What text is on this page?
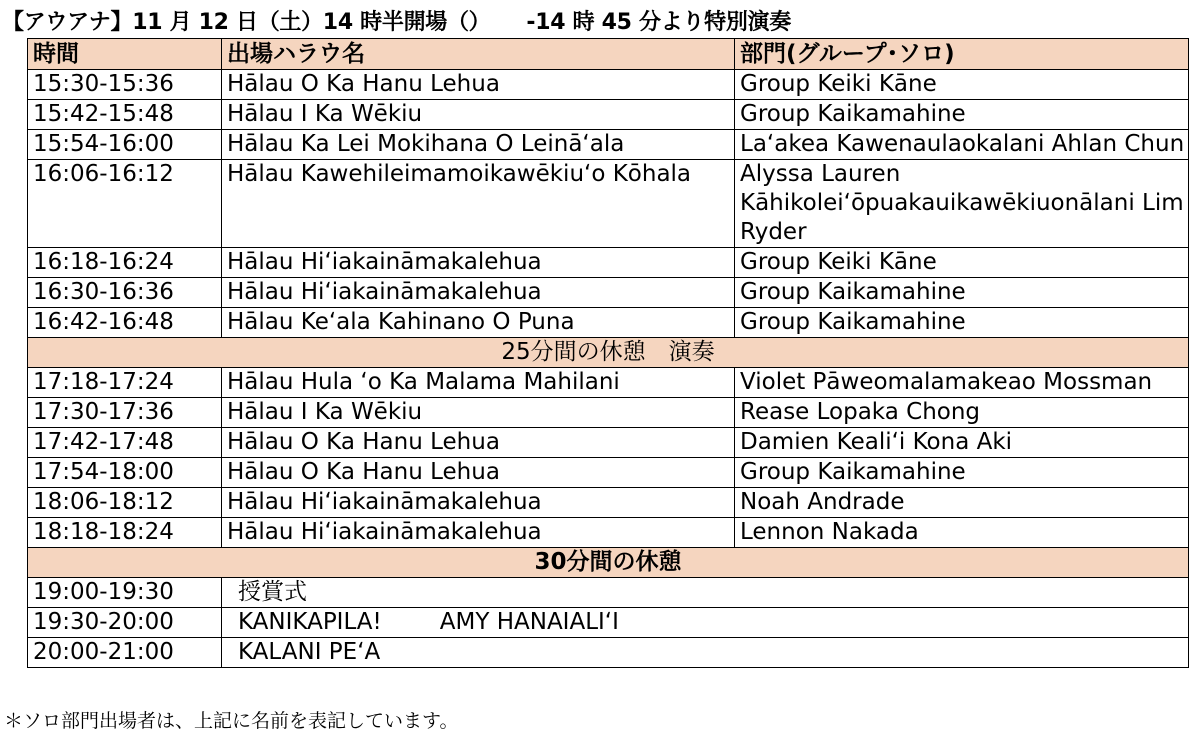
【アウアナ】11 月 12 日（土）14 時半開場（） -14 時 45 分より特別演奏
時間	出場ハラウ名	部門(グループ･ソロ)
15:30-15:36	Hālau O Ka Hanu Lehua	Group Keiki Kāne
15:42-15:48	Hālau I Ka Wēkiu	Group Kaikamahine
15:54-16:00	Hālau Ka Lei Mokihana O Leināʻala	Laʻakea Kawenaulaokalani Ahlan Chun
16:06-16:12	Hālau Kawehileimamoikawēkiuʻo Kōhala	Alyssa Lauren Kāhikoleiʻōpuakauikawēkiuonālani Lim Ryder
16:18-16:24	Hālau Hiʻiakaināmakalehua	Group Keiki Kāne
16:30-16:36	Hālau Hiʻiakaināmakalehua	Group Kaikamahine
16:42-16:48	Hālau Keʻala Kahinano O Puna	Group Kaikamahine
25分間の休憩　演奏		
17:18-17:24	Hālau Hula ʻo Ka Malama Mahilani	Violet Pāweomalamakeao Mossman
17:30-17:36	Hālau I Ka Wēkiu	Rease Lopaka Chong
17:42-17:48	Hālau O Ka Hanu Lehua	Damien Kealiʻi Kona Aki
17:54-18:00	Hālau O Ka Hanu Lehua	Group Kaikamahine
18:06-18:12	Hālau Hiʻiakaināmakalehua	Noah Andrade
18:18-18:24	Hālau Hiʻiakaināmakalehua	Lennon Nakada
30分間の休憩		
19:00-19:30	授賞式	
19:30-20:00	KANIKAPILA! AMY HANAIALIʻI	
20:00-21:00	KALANI PEʻA	
＊ソロ部門出場者は、上記に名前を表記しています。
